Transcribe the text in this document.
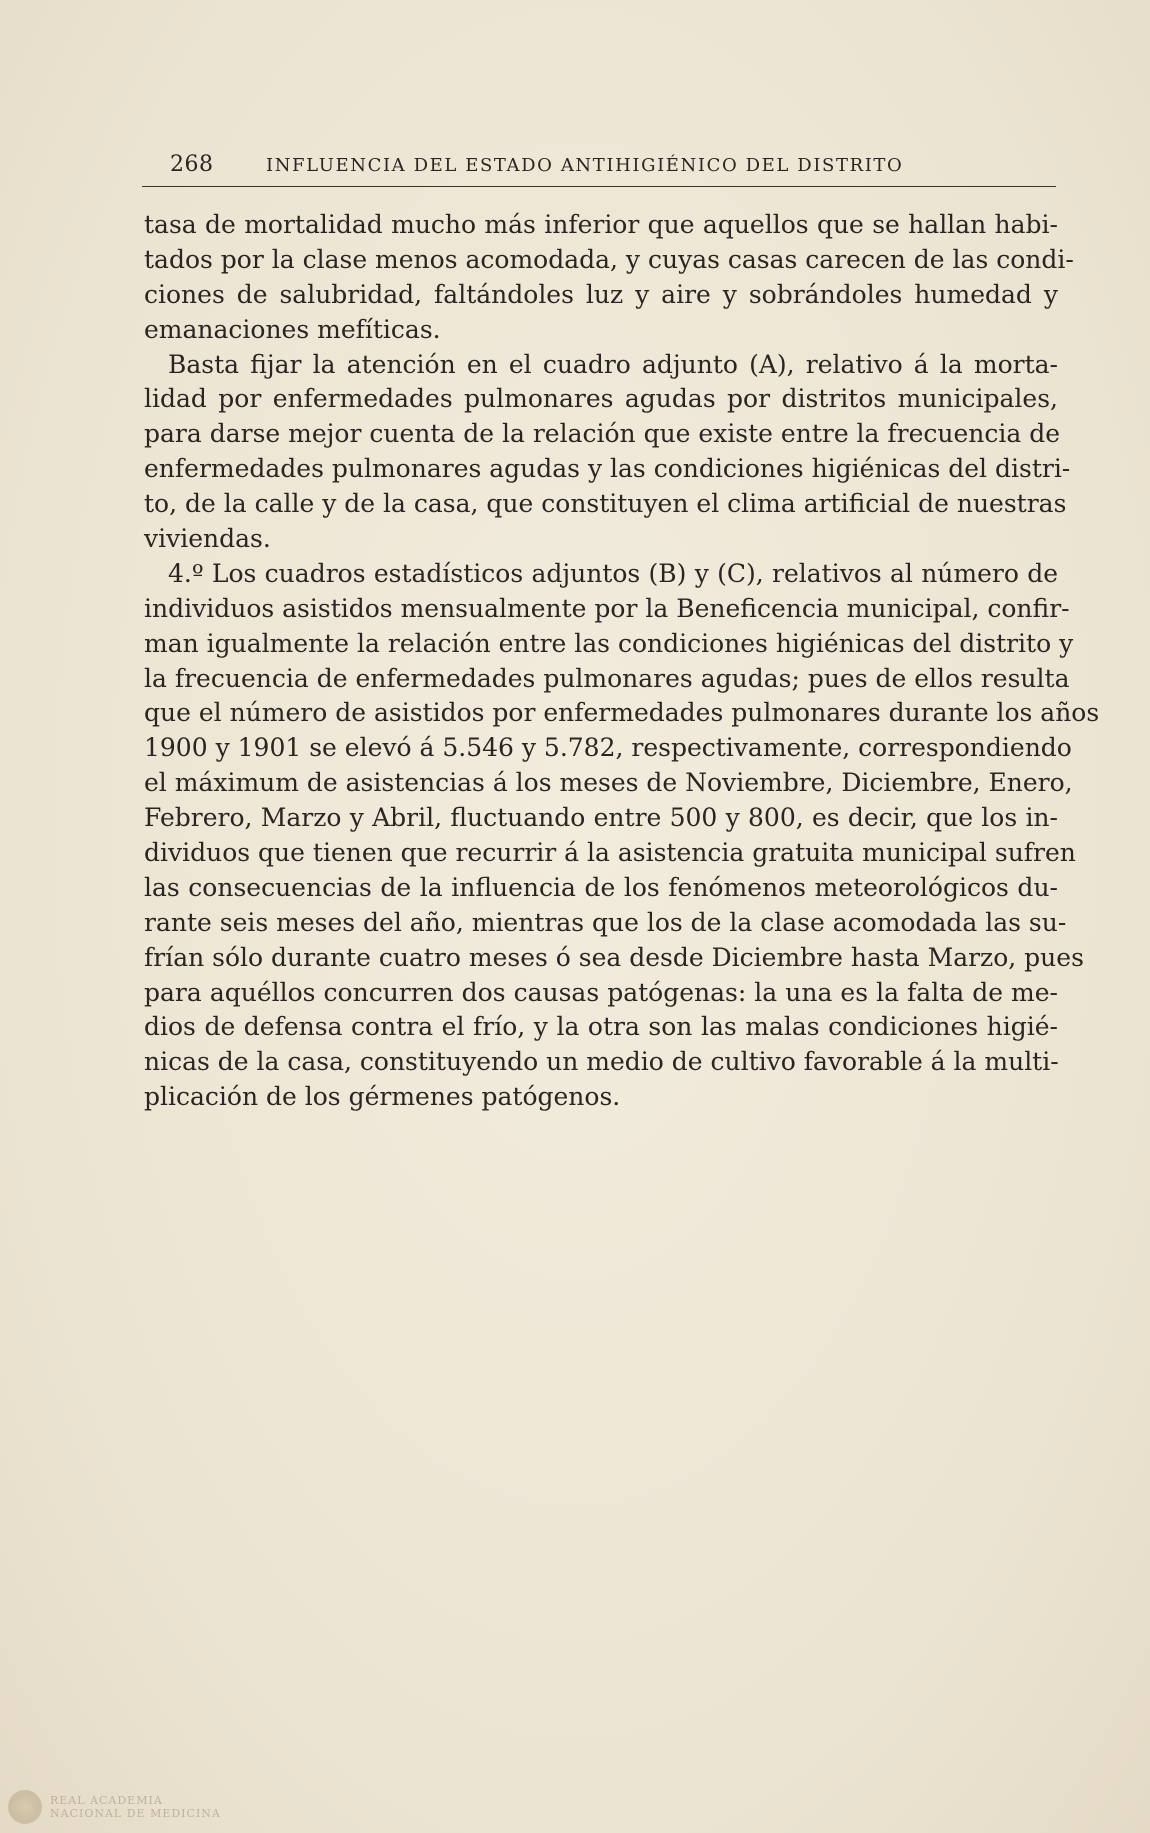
268	INFLUENCIA DEL ESTADO ANTIHIGIÉNICO DEL DISTRITO
tasa de mortalidad mucho más inferior que aquellos que se hallan habi-
tados por la clase menos acomodada, y cuyas casas carecen de las condi-
ciones de salubridad, faltándoles luz y aire y sobrándoles humedad y
emanaciones mefíticas.
Basta fijar la atención en el cuadro adjunto (A), relativo á la morta-
lidad por enfermedades pulmonares agudas por distritos municipales,
para darse mejor cuenta de la relación que existe entre la frecuencia de
enfermedades pulmonares agudas y las condiciones higiénicas del distri-
to, de la calle y de la casa, que constituyen el clima artificial de nuestras
viviendas.
4.º Los cuadros estadísticos adjuntos (B) y (C), relativos al número de
individuos asistidos mensualmente por la Beneficencia municipal, confir-
man igualmente la relación entre las condiciones higiénicas del distrito y
la frecuencia de enfermedades pulmonares agudas; pues de ellos resulta
que el número de asistidos por enfermedades pulmonares durante los años
1900 y 1901 se elevó á 5.546 y 5.782, respectivamente, correspondiendo
el máximum de asistencias á los meses de Noviembre, Diciembre, Enero,
Febrero, Marzo y Abril, fluctuando entre 500 y 800, es decir, que los in-
dividuos que tienen que recurrir á la asistencia gratuita municipal sufren
las consecuencias de la influencia de los fenómenos meteorológicos du-
rante seis meses del año, mientras que los de la clase acomodada las su-
frían sólo durante cuatro meses ó sea desde Diciembre hasta Marzo, pues
para aquéllos concurren dos causas patógenas: la una es la falta de me-
dios de defensa contra el frío, y la otra son las malas condiciones higié-
nicas de la casa, constituyendo un medio de cultivo favorable á la multi-
plicación de los gérmenes patógenos.
REAL ACADEMIA
NACIONAL DE MEDICINA
